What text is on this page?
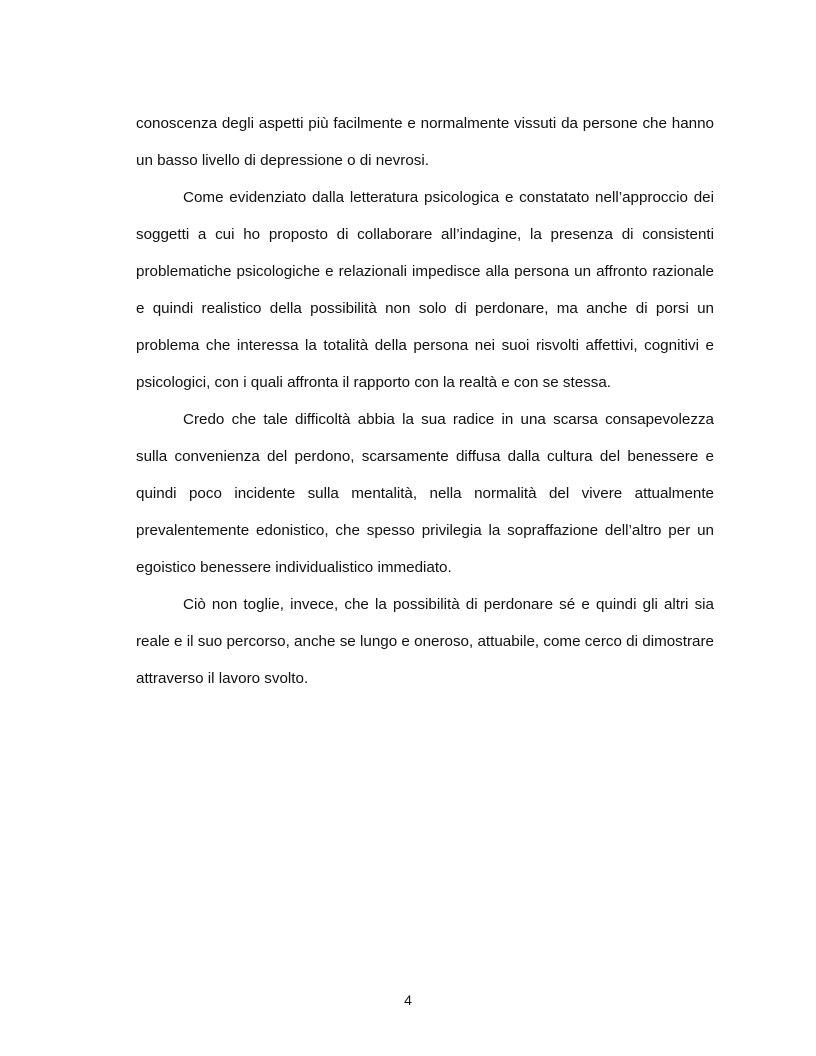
conoscenza degli aspetti più facilmente e normalmente vissuti da persone che hanno un basso livello di depressione o di nevrosi.

Come evidenziato dalla letteratura psicologica e constatato nell’approccio dei soggetti a cui ho proposto di collaborare all’indagine, la presenza di consistenti problematiche psicologiche e relazionali impedisce alla persona un affronto razionale e quindi realistico della possibilità non solo di perdonare, ma anche di porsi un problema che interessa la totalità della persona nei suoi risvolti affettivi, cognitivi e psicologici, con i quali affronta il rapporto con la realtà e con se stessa.

Credo che tale difficoltà abbia la sua radice in una scarsa consapevolezza sulla convenienza del perdono, scarsamente diffusa dalla cultura del benessere e quindi poco incidente sulla mentalità, nella normalità del vivere attualmente prevalentemente edonistico, che spesso privilegia la sopraffazione dell’altro per un egoistico benessere individualistico immediato.

Ciò non toglie, invece, che la possibilità di perdonare sé e quindi gli altri sia reale e il suo percorso, anche se lungo e oneroso, attuabile, come cerco di dimostrare attraverso il lavoro svolto.

4
